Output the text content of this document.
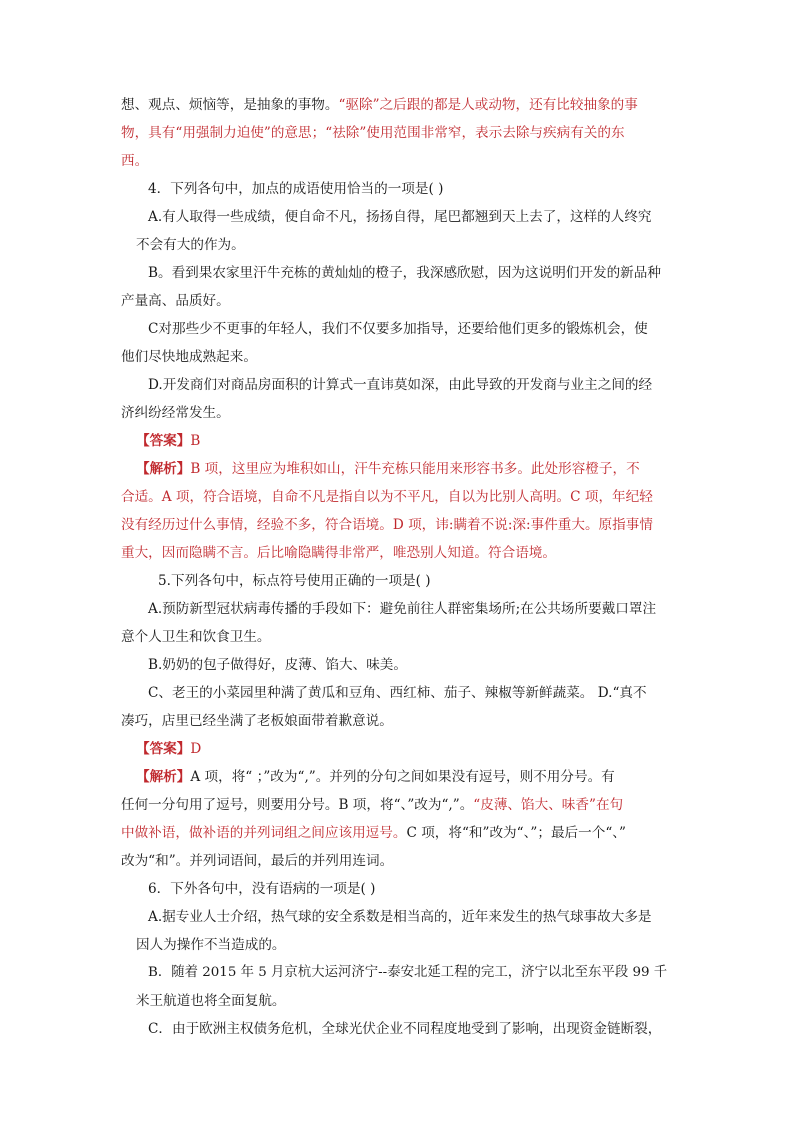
想、观点、烦恼等，是抽象的事物。“驱除”之后跟的都是人或动物，还有比较抽象的事
物，具有“用强制力迫使”的意思；“祛除”使用范围非常窄，表示去除与疾病有关的东
西。
4．下列各句中，加点的成语使用恰当的一项是( )
A.有人取得一些成绩，便自命不凡，扬扬自得，尾巴都翘到天上去了，这样的人终究
不会有大的作为。
B。看到果农家里汗牛充栋的黄灿灿的橙子，我深感欣慰，因为这说明们开发的新品种
产量高、品质好。
C对那些少不更事的年轻人，我们不仅要多加指导，还要给他们更多的锻炼机会，使
他们尽快地成熟起来。
D.开发商们对商品房面积的计算式一直讳莫如深，由此导致的开发商与业主之间的经
济纠纷经常发生。
【答案】B
【解析】B 项，这里应为堆积如山，汗牛充栋只能用来形容书多。此处形容橙子，不
合适。A 项，符合语境，自命不凡是指自以为不平凡，自以为比别人高明。C 项，年纪轻
没有经历过什么事情，经验不多，符合语境。D 项，讳:瞒着不说:深:事件重大。原指事情
重大，因而隐瞒不言。后比喻隐瞒得非常严，唯恐别人知道。符合语境。
5.下列各句中，标点符号使用正确的一项是( )
A.预防新型冠状病毒传播的手段如下：避免前往人群密集场所;在公共场所要戴口罩注
意个人卫生和饮食卫生。
B.奶奶的包子做得好，皮薄、馅大、味美。
C、老王的小菜园里种满了黄瓜和豆角、西红柿、茄子、辣椒等新鲜蔬菜。 D.“真不
凑巧，店里已经坐满了老板娘面带着歉意说。
【答案】D
【解析】A 项，将“ ；”改为“,”。并列的分句之间如果没有逗号，则不用分号。有
任何一分句用了逗号，则要用分号。B 项，将“、”改为“,”。“皮薄、馅大、味香”在句
中做补语，做补语的并列词组之间应该用逗号。C 项，将“和”改为“、”；最后一个“、”
改为“和”。并列词语间，最后的并列用连词。
6．下外各句中，没有语病的一项是( )
A.据专业人士介绍，热气球的安全系数是相当高的，近年来发生的热气球事故大多是
因人为操作不当造成的。
B．随着 2015 年 5 月京杭大运河济宁--泰安北延工程的完工，济宁以北至东平段 99 千
米王航道也将全面复航。
C．由于欧洲主权债务危机，全球光伏企业不同程度地受到了影响，出现资金链断裂，
